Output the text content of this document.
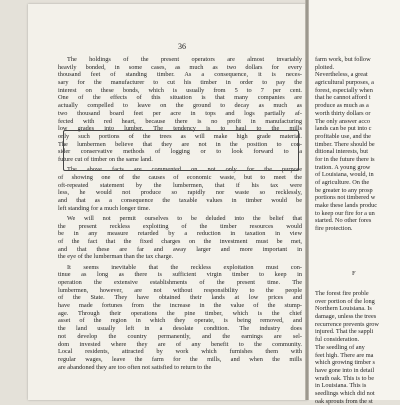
36
The holdings of the present operators are almost invariably
heavily bonded, in some cases, as much as two dollars for every
thousand feet of standing timber. As a consequence, it is neces-
sary for the manufacturer to cut his timber in order to pay the
interest on these bonds, which is usually from 5 to 7 per cent.
One of the effects of this situation is that many companies are
actually compelled to leave on the ground to decay as much as
two thousand board feet per acre in tops and logs partially af-
fected with red heart, because there is no profit in manufacturing
low grades into lumber. The tendency is to haul to the mills
only such portions of the trees as will make high grade material.
The lumbermen believe that they are not in the position to con-
sider conservative methods of logging or to look forward to a
future cut of timber on the same land.
The above facts are commented on not only for the purpose
of showing one of the causes of economic waste, but to meet the
oft-repeated statement by the lumbermen, that if his tax were
less, he would not produce so rapidly nor waste so recklessly,
and that as a consequence the taxable values in timber would be
left standing for a much longer time.
We will not permit ourselves to be deluded into the belief that
the present reckless exploiting of the timber resources would
be in any measure retarded by a reduction in taxation in view
of the fact that the fixed charges on the investment must be met,
and that these are far and away larger and more important in
the eye of the lumberman than the tax charge.
It seems inevitable that the reckless exploitation must con-
tinue as long as there is sufficient virgin timber to keep in
operation the extensive establishments of the present time. The
lumbermen, however, are not without responsibility to the people
of the State. They have obtained their lands at low prices and
have made fortunes from the increase in the value of the stump-
age. Through their operations the pine timber, which is the chief
asset of the region in which they operate, is being removed, and
the land usually left in a desolate condition. The industry does
not develop the country permanently, and the earnings are sel-
dom invested where they are of any benefit to the community.
Local residents, attracted by work which furnishes them with
regular wages, leave the farm for the mills, and when the mills
are abandoned they are too often not satisfied to return to the
farm work, but follow
ploited.
Nevertheless, a great
agricultural purposes, a
forest, especially when
that he cannot afford t
produce as much as a
worth thirty dollars or
The only answer acco
lands can be put into c
profitable use, and the
timber. There should be
ditional interests, but
for in the future there is
tration. A young grow
of Louisiana, would, in
of agriculture. On the
be greater to any prosp
portions not timbered w
make these lands produc
to keep our fire for a un
started. No other fores
fire protection.
F
The forest fire proble
over portion of the long
Northern Louisiana. Is
damage, unless the trees
recurrence prevents grow
injured. That the sappli
ful consideration.
The seedling of any
feet high. There are ma
which growing timber s
have gone into in detail
wrath oak. This is to be
in Louisiana. This is
seedlings which did not
oak sprouts from the st
